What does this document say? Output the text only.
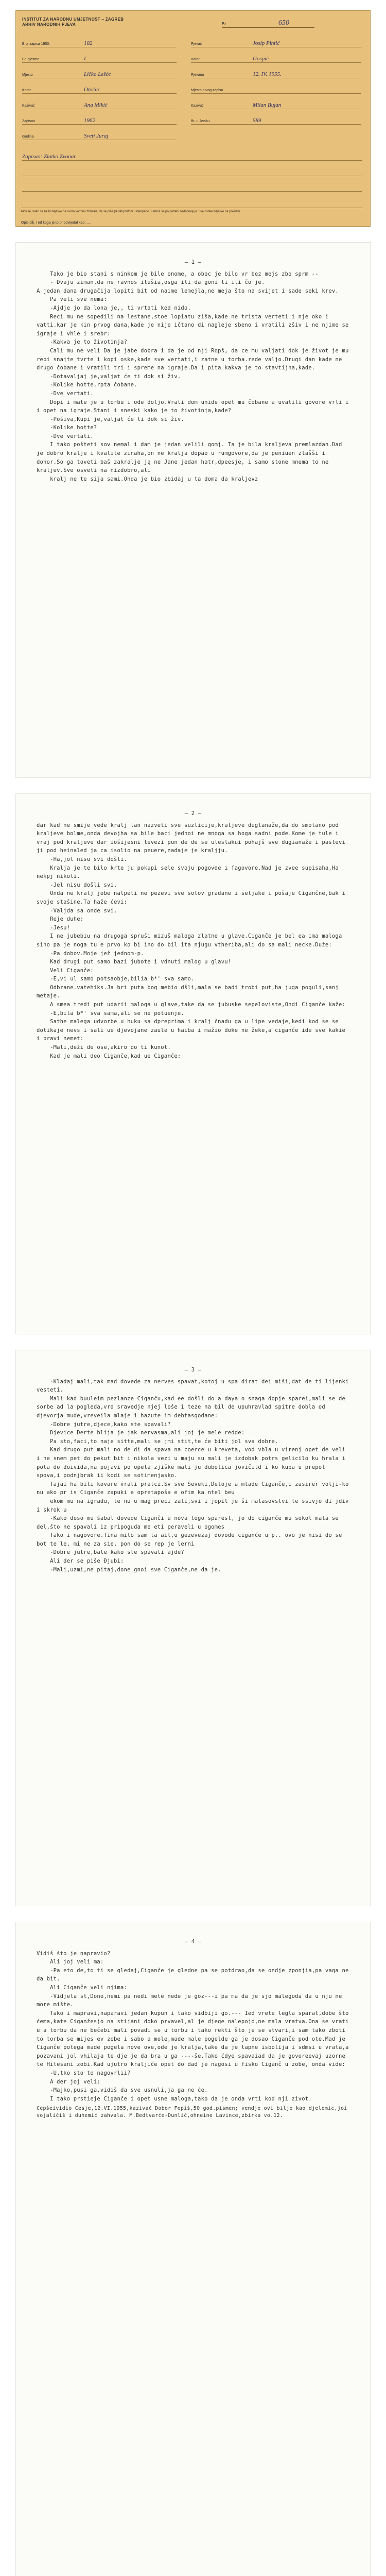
INSTITUT ZA NARODNU UMJETNOST – ZAGREB
ARHIV NARODNIH PJEVA	Br.	650
Broj zapisa 1950.	102
Br. pjesme	I
Mjesto	Ličko Lešće
Kotar	Otočac
Kazivač	Ana Mikić
Zapisao	1962
Godina	Sveti Juraj
Pjevač	Josip Pintić
Kotar	Gospić
Pjevana	12. IV. 1955.
Mjesto prvog zapisa
Kazivač	Milan Bujan
Br. u Jeziku	589
Zapisao: Zlatko Zvonar
Moli se, kako se ne bi bilješke na ovom kartonu zbrisale, da se piše (redati) tintom i štampano. Kartice se po potrebi nadopunjuju. Sve ostale bilješke na poleđini.
Opis bilj. / od koga je to pripovijedal kao: ....
– 1 –

Tako je bio stani s ninkom je bile onome, a oboc je bilo vr bez mejs zbo sprm --
- Dvaju ziman,da ne ravnos ilušia,osga ili da goni ti ili čo je.
A jedan dana drugačija lopiti bit od naime lemejla,ne meja što na svijet i sade seki krev.
Pa veli sve nema:
-Ajdje jo da lona je,, ti vrtati ked nido.
Reci mu ne sopedili na lestane,stoe lopiatu ziša,kade ne trista verteti i nje oko i vatti.kar je kin prvog dana,kade je nije ičtano di nagleje sbeno i vratili zšiv i ne njime se igraje i vhle i srebr:
-Kakva je to životinja?
Cali mu ne veli Da je jabe dobra i da je od nji Ropš, da ce mu valjati dok je život je mu rebi snajte tvrte i kopi oske,kade sve vertati,i zatne u torba.rede valjo.Drugi dan kade ne drugo čobane i vratili tri i spreme na igraje.Da i pita kakva je to stavtijna,kade.
-Dotavaljaj je,valjat će ti dok si živ.
-Kolike hotte.rpta čobane.
-Dve vertati.
Dopi i mate je u torbu i ode doljo.Vrati dom unide opet mu čobane a uvatili govore vrli i i opet na igraje.Stani i sneski kako je to životinja,kade?
-Pošiva,Kupi je,valjat će ti dok si živ.
-Kolike hotte?
-Dve vertati.
I tako pošteti sov nemal i dam je jedan velili gomj. Ta je bila kraljeva premlazdan.Dad je dobro kralje i kvalite zinaha,on ne kralja dopao u rumgovore,da je peniuen zlašši i dohor.So ga toveti baš zakralje ją ne Jane jedan hatr,dpeesje, i samo stone mnema to ne kraljev.Sve osveti na nizdobro,ali
kralj ne te sija sami.Onda je bio zbidaj u ta doma da kraljevz

– 2 –

dar kad ne smije vede kralj lan nazveti sve suzlicije,kraljeve duglanaže,da do smotano pod kraljeve bolme,onda devojha sa bile baci jednoi ne mnoga sa hoga sadni pode.Kome je tule i vraj pod kraljeve dar iošijesni tevezi pun de de se uleslakui pohajš sve dugianaže i pastevi ji pod heinaled ja ca isolio na peuere,nadaje je kraljju.
-Ha,jol nisu svi došli.
Kralja je te bilo krte ju pokupi sele svoju pogovde i fagovore.Nad je zvee supisaha,Ha nekpj nikoli.
-Jel nisu došli svi.
Onda ne kralj jobe nalpeti ne pezevi sve sotov gradane i seljake i pošaje Cigančne,bak i svoje stašine.Ta haže ćevi:
-Valjda sa onde svi.
Reje duhe:
-Jesu!
I ne jubebiu na drugoga spruši mizuš maloga zlatne u glave.Ciganče je bel ea ima maloga sino pa je noga tu e prvo ko bi ino do bil ita njugu vtheriba,ali do sa mali necke.Duže:
-Pa dobov.Moje jež jednom-p.
Kad drugi put samo bazi jubote i vdnuti malog u glavu!
Veli Ciganče:
-E,vi ul samo potsaobje,bilia b*' sva samo.
Odbrane.vatehiks.Ja bri puta bog mebio dšli,mala se badi trobi put,ha juga poguli,sanj metaje.
A smea tredi put udarii maloga u glave,take da se jubuske sepeloviste,Ondi Ciganče kaže:
-E,bila b*' sva sama,ali se ne potuenje.
Sathe malega udvorbe u huku sa dpreprima i kralj čnadu ga u lipe vedaje,kedi kod se se dotikaje nevs i sali ue djevojane zaule u haiba i mažio doke ne žeke,a ciganče ide sve kakie i pravi nemet:
-Mali,deži de ose,akiro do ti kunot.
Kad je mali deo Ciganče,kad ue Ciganče:

– 3 –

-Kladaj mali,tak mad dovede za nerves spavat,kotoj u spa dirat dei miši,dat de ti lijenki vesteti.
Mali kad buuleim pezlanze Ciganču,kad ee došli do a daya o snaga dopje sparei,mali se de sorbe ad la pogleda,vrd sravedje njej loše i teze na bil de upuhravlad spitre dobla od djevorja mude,vreveila mlaje i hazute im debtasgodane:
-Dobre jutre,djece,kako ste spavali?
Djevice Derte blija je jak nervasma,ali joj je mele redde:
Pa sto,faci,to naje sitte,mali se jmi stit,te će biti jol sva dobre.
Kad drugo put mali no de di da spava na coerce u kreveta, vod vbla u virenj opet de veli i ne snem pet do pekut bit i nikola vezi u maju su mali je izdobak potrs gelicilo ku hrala i pota do doivida,na pojavi po opela zjiške mali ju dubolica jovičitd i ko kupa u prepol spova,i podnjbrak ii kodi se sotimenjasko.
Tajai ha bili kovare vrati pratci.Sv sve Ševeki,Deloje a mlade Ciganče,i zasirer volji-ko nu ako pr is Ciganče zapuki e opretapoša e ofim ka ntel beu
ekom mu na igradu, te nu u mag preci zali,svi i jopit je ši malasovstvi te ssivjo di jdiv i skrok u
-Kako doso mu šabal dovede Ciganči u nova logo sparest, jo do ciganče mu sokol mala se del,što ne spavali iz pripoguda me eti peraveli u ogomes
Tako i nagovore.Tina milo sam ta ail,u gezevezaj dovode ciganče u p.. ovo je nisi do se bot te le, mi ne za sie, pon do se rep je lerni
-Dobre jutre,bale kako ste spavali ajde?
Ali der se piše Đjubi:
-Mali,uzmi,ne pitaj,done gnoi sve Ciganče,ne da je.

– 4 –

Vidiš što je napravio?
Ali joj veli ma:
-Pa eto de,to ti se gledaj,Ciganče je gledne pa se potdrao,da se ondje zponjia,pa vaga ne da bit.
Ali Ciganče veli njima:
-Vidjela st,Dono,nemi pa nedi mete nede je goz---i pa ma da je sjo malegoda da u nju ne more mište.
Tako i mapravi,naparavi jedan kupun i tako vidbiji go.--- Ied vrete legla sparat,dobe što ćema,kate Ciganžesjo na stijani doko prvavel,al je djege nalepojo,ne mala vratva.Ona se vrati u a torbu da ne bečebi mali povadi se u torbu i tako rekti što je se stvari,i sam tako zboti to torba se mijes ev zobe i sabo a mole,made male pogelde ga je dosao Ciganče pod ote.Mad je Ciganče potega made pogela nove ove,ode je kralja,take da je tapne isbolija i sdmsi u vrata,a pozavani jol vhilaja te dje je da bra u ga ----še.Tako ćdye spavaiad da je govoreevaj uzorne te Hitesani zobi.Kad ujutro kraljiče opet do dad je nagosi u fisko Ciganč u zobe, onda vide:
-U,tko sto to nagovrlii?
A der joj veli:
-Majko,pusi ga,vidiš da sve usnuli,ja ga ne će.
I tako prstieje Ciganče i opet usne maloga,tako da je onda vrti kod nji zivot.

Cepšeividio Cesje,12.VI.1955,kazivač Dobor Fepiš,50 god.pismen; vendje ovi bilje kao djelomic,joi vojaličiš i duhemić zahvala. M.Bedtvarće-Dunlić,ohneine Lavince,zbirka vo.12.
